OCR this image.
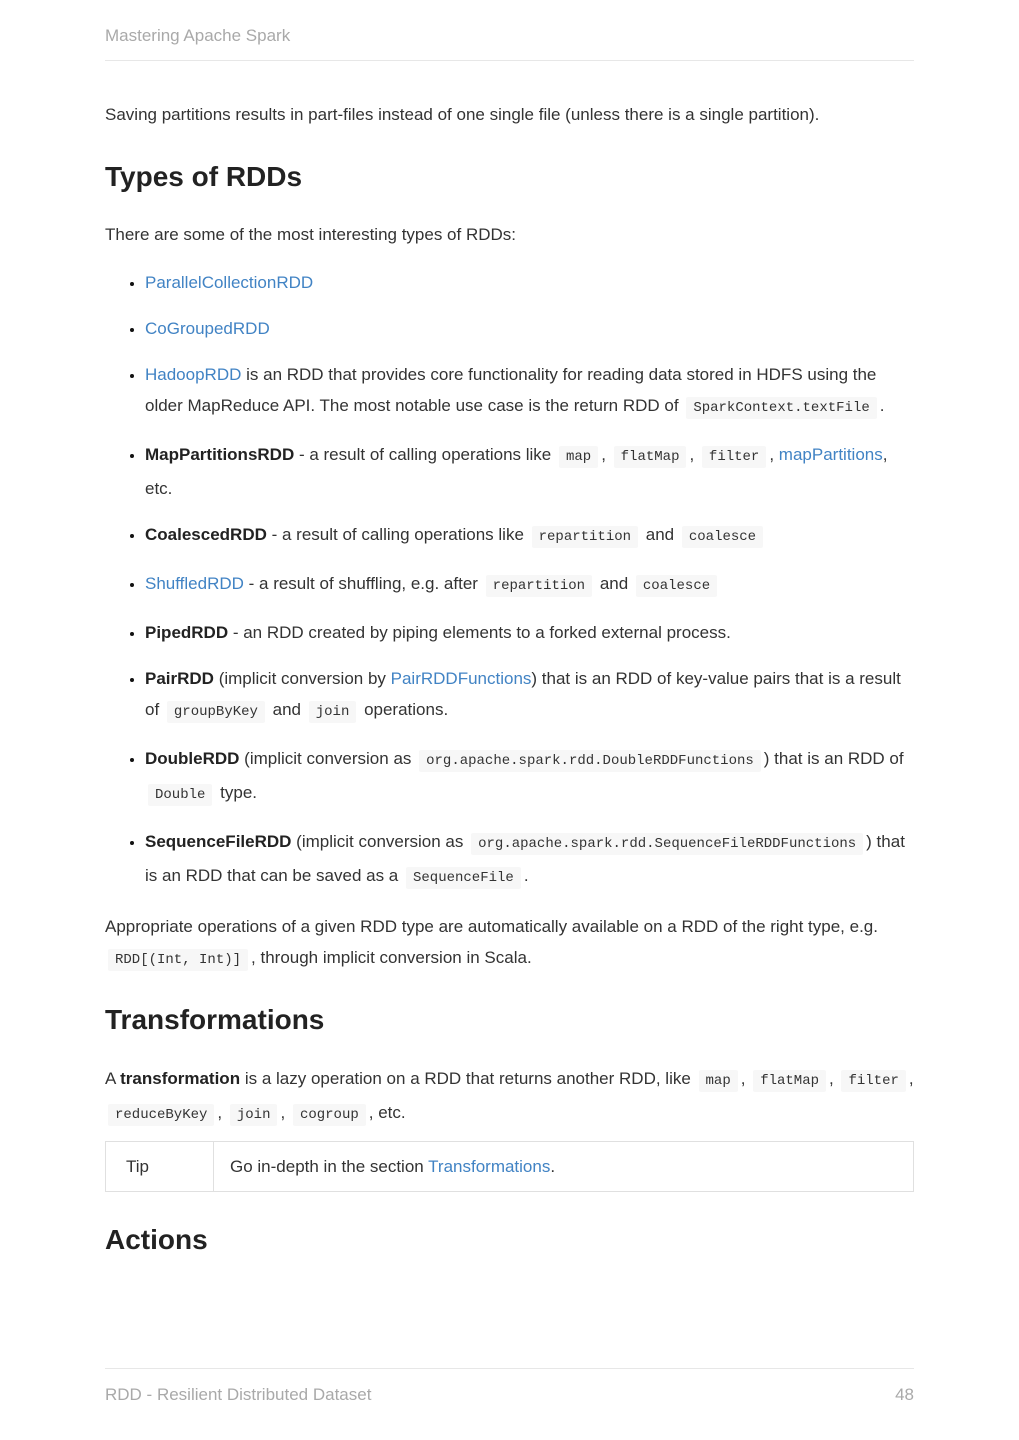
Mastering Apache Spark

Saving partitions results in part-files instead of one single file (unless there is a single partition).

Types of RDDs

There are some of the most interesting types of RDDs:

• ParallelCollectionRDD
• CoGroupedRDD
• HadoopRDD is an RDD that provides core functionality for reading data stored in HDFS using the older MapReduce API. The most notable use case is the return RDD of SparkContext.textFile .
• MapPartitionsRDD - a result of calling operations like map , flatMap , filter , mapPartitions, etc.
• CoalescedRDD - a result of calling operations like repartition and coalesce
• ShuffledRDD - a result of shuffling, e.g. after repartition and coalesce
• PipedRDD - an RDD created by piping elements to a forked external process.
• PairRDD (implicit conversion by PairRDDFunctions) that is an RDD of key-value pairs that is a result of groupByKey and join operations.
• DoubleRDD (implicit conversion as org.apache.spark.rdd.DoubleRDDFunctions ) that is an RDD of Double type.
• SequenceFileRDD (implicit conversion as org.apache.spark.rdd.SequenceFileRDDFunctions ) that is an RDD that can be saved as a SequenceFile .

Appropriate operations of a given RDD type are automatically available on a RDD of the right type, e.g. RDD[(Int, Int)] , through implicit conversion in Scala.

Transformations

A transformation is a lazy operation on a RDD that returns another RDD, like map , flatMap , filter , reduceByKey , join , cogroup , etc.

Tip	Go in-depth in the section Transformations.
Actions
RDD - Resilient Distributed Dataset	48
